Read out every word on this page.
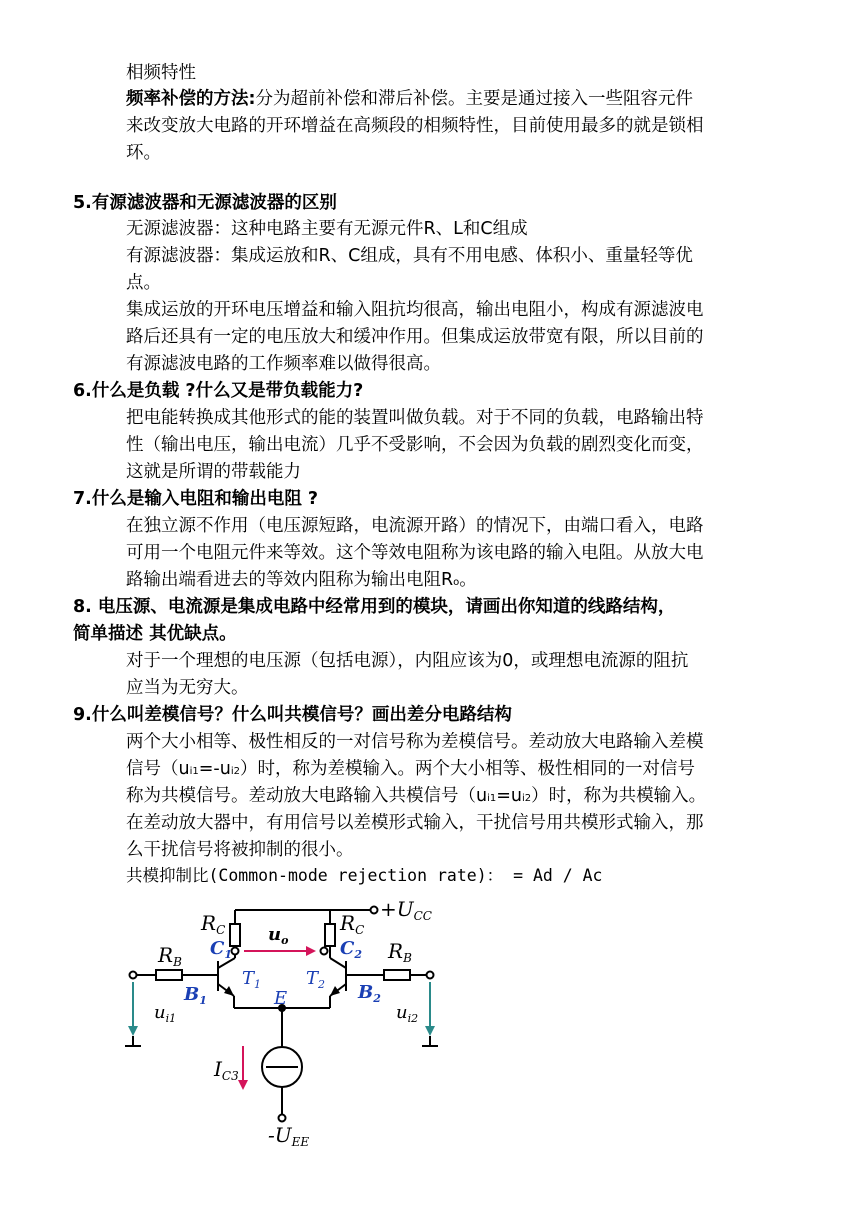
相频特性
频率补偿的方法:分为超前补偿和滞后补偿。主要是通过接入一些阻容元件
来改变放大电路的开环增益在高频段的相频特性，目前使用最多的就是锁相
环。
5.有源滤波器和无源滤波器的区别
无源滤波器：这种电路主要有无源元件R、L和C组成
有源滤波器：集成运放和R、C组成，具有不用电感、体积小、重量轻等优
点。
集成运放的开环电压增益和输入阻抗均很高，输出电阻小，构成有源滤波电
路后还具有一定的电压放大和缓冲作用。但集成运放带宽有限，所以目前的
有源滤波电路的工作频率难以做得很高。
6.什么是负载 ?什么又是带负载能力?
把电能转换成其他形式的能的装置叫做负载。对于不同的负载，电路输出特
性（输出电压，输出电流）几乎不受影响，不会因为负载的剧烈变化而变，
这就是所谓的带载能力
7.什么是输入电阻和输出电阻 ?
在独立源不作用（电压源短路，电流源开路）的情况下，由端口看入，电路
可用一个电阻元件来等效。这个等效电阻称为该电路的输入电阻。从放大电
路输出端看进去的等效内阻称为输出电阻Ro。
8. 电压源、电流源是集成电路中经常用到的模块，请画出你知道的线路结构，
简单描述 其优缺点。
对于一个理想的电压源（包括电源），内阻应该为0，或理想电流源的阻抗
应当为无穷大。
9.什么叫差模信号？什么叫共模信号？画出差分电路结构
两个大小相等、极性相反的一对信号称为差模信号。差动放大电路输入差模
信号（ui1=-ui2）时，称为差模输入。两个大小相等、极性相同的一对信号
称为共模信号。差动放大电路输入共模信号（ui1=ui2）时，称为共模输入。
在差动放大器中，有用信号以差模形式输入，干扰信号用共模形式输入，那
么干扰信号将被抑制的很小。
共模抑制比(Common-mode rejection rate)： = Ad / Ac
$R_C$	$R_C$
$+U_{CC}$
$u_o$
$C_1$	$C_2$
$R_B$	$R_B$
$T_1$ $T_2$
$B_1$	$B_2$
E
$u_{i1}$	$u_{i2}$
$I_{C3}$
$-U_{EE}$
